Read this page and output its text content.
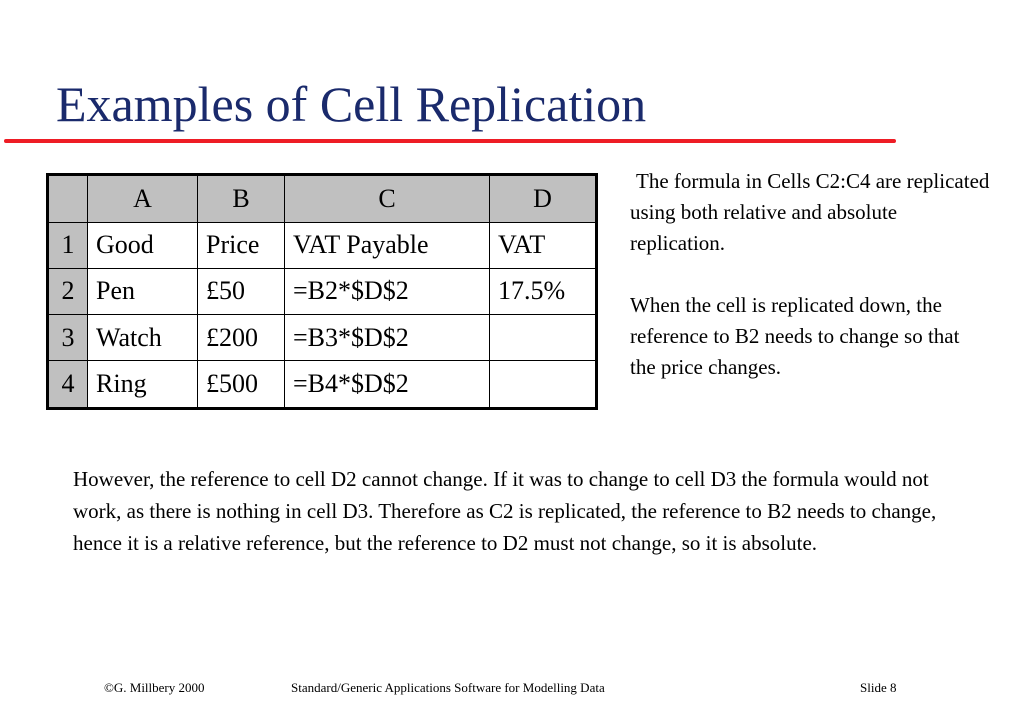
Examples of Cell Replication
	A	B	C	D
1	Good	Price	VAT Payable	VAT
2	Pen	£50	=B2*$D$2	17.5%
3	Watch	£200	=B3*$D$2	
4	Ring	£500	=B4*$D$2	
The formula in Cells C2:C4 are replicated using both relative and absolute replication.
When the cell is replicated down, the reference to B2 needs to change so that the price changes.

However, the reference to cell D2 cannot change. If it was to change to cell D3 the formula would not work, as there is nothing in cell D3. Therefore as C2 is replicated, the reference to B2 needs to change, hence it is a relative reference, but the reference to D2 must not change, so it is absolute.

©G. Millbery 2000	Standard/Generic Applications Software for Modelling Data	Slide 8
